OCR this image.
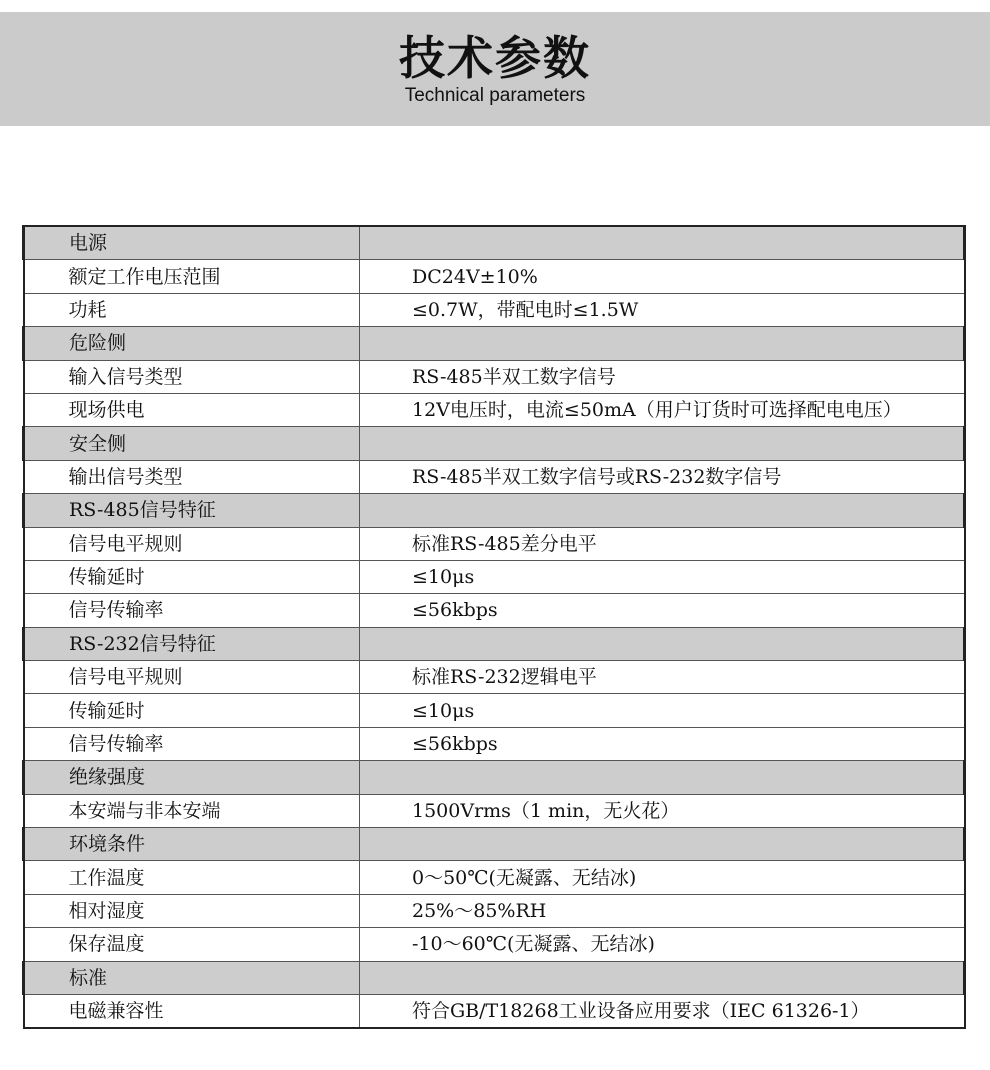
技术参数
Technical parameters
电源	
额定工作电压范围	DC24V±10%
功耗	≤0.7W，带配电时≤1.5W
危险侧	
输入信号类型	RS-485半双工数字信号
现场供电	12V电压时，电流≤50mA（用户订货时可选择配电电压）
安全侧	
输出信号类型	RS-485半双工数字信号或RS-232数字信号
RS-485信号特征	
信号电平规则	标准RS-485差分电平
传输延时	≤10μs
信号传输率	≤56kbps
RS-232信号特征	
信号电平规则	标准RS-232逻辑电平
传输延时	≤10μs
信号传输率	≤56kbps
绝缘强度	
本安端与非本安端	1500Vrms（1 min，无火花）
环境条件	
工作温度	0～50℃(无凝露、无结冰)
相对湿度	25%～85%RH
保存温度	-10～60℃(无凝露、无结冰)
标准	
电磁兼容性	符合GB/T18268工业设备应用要求（IEC 61326-1）
